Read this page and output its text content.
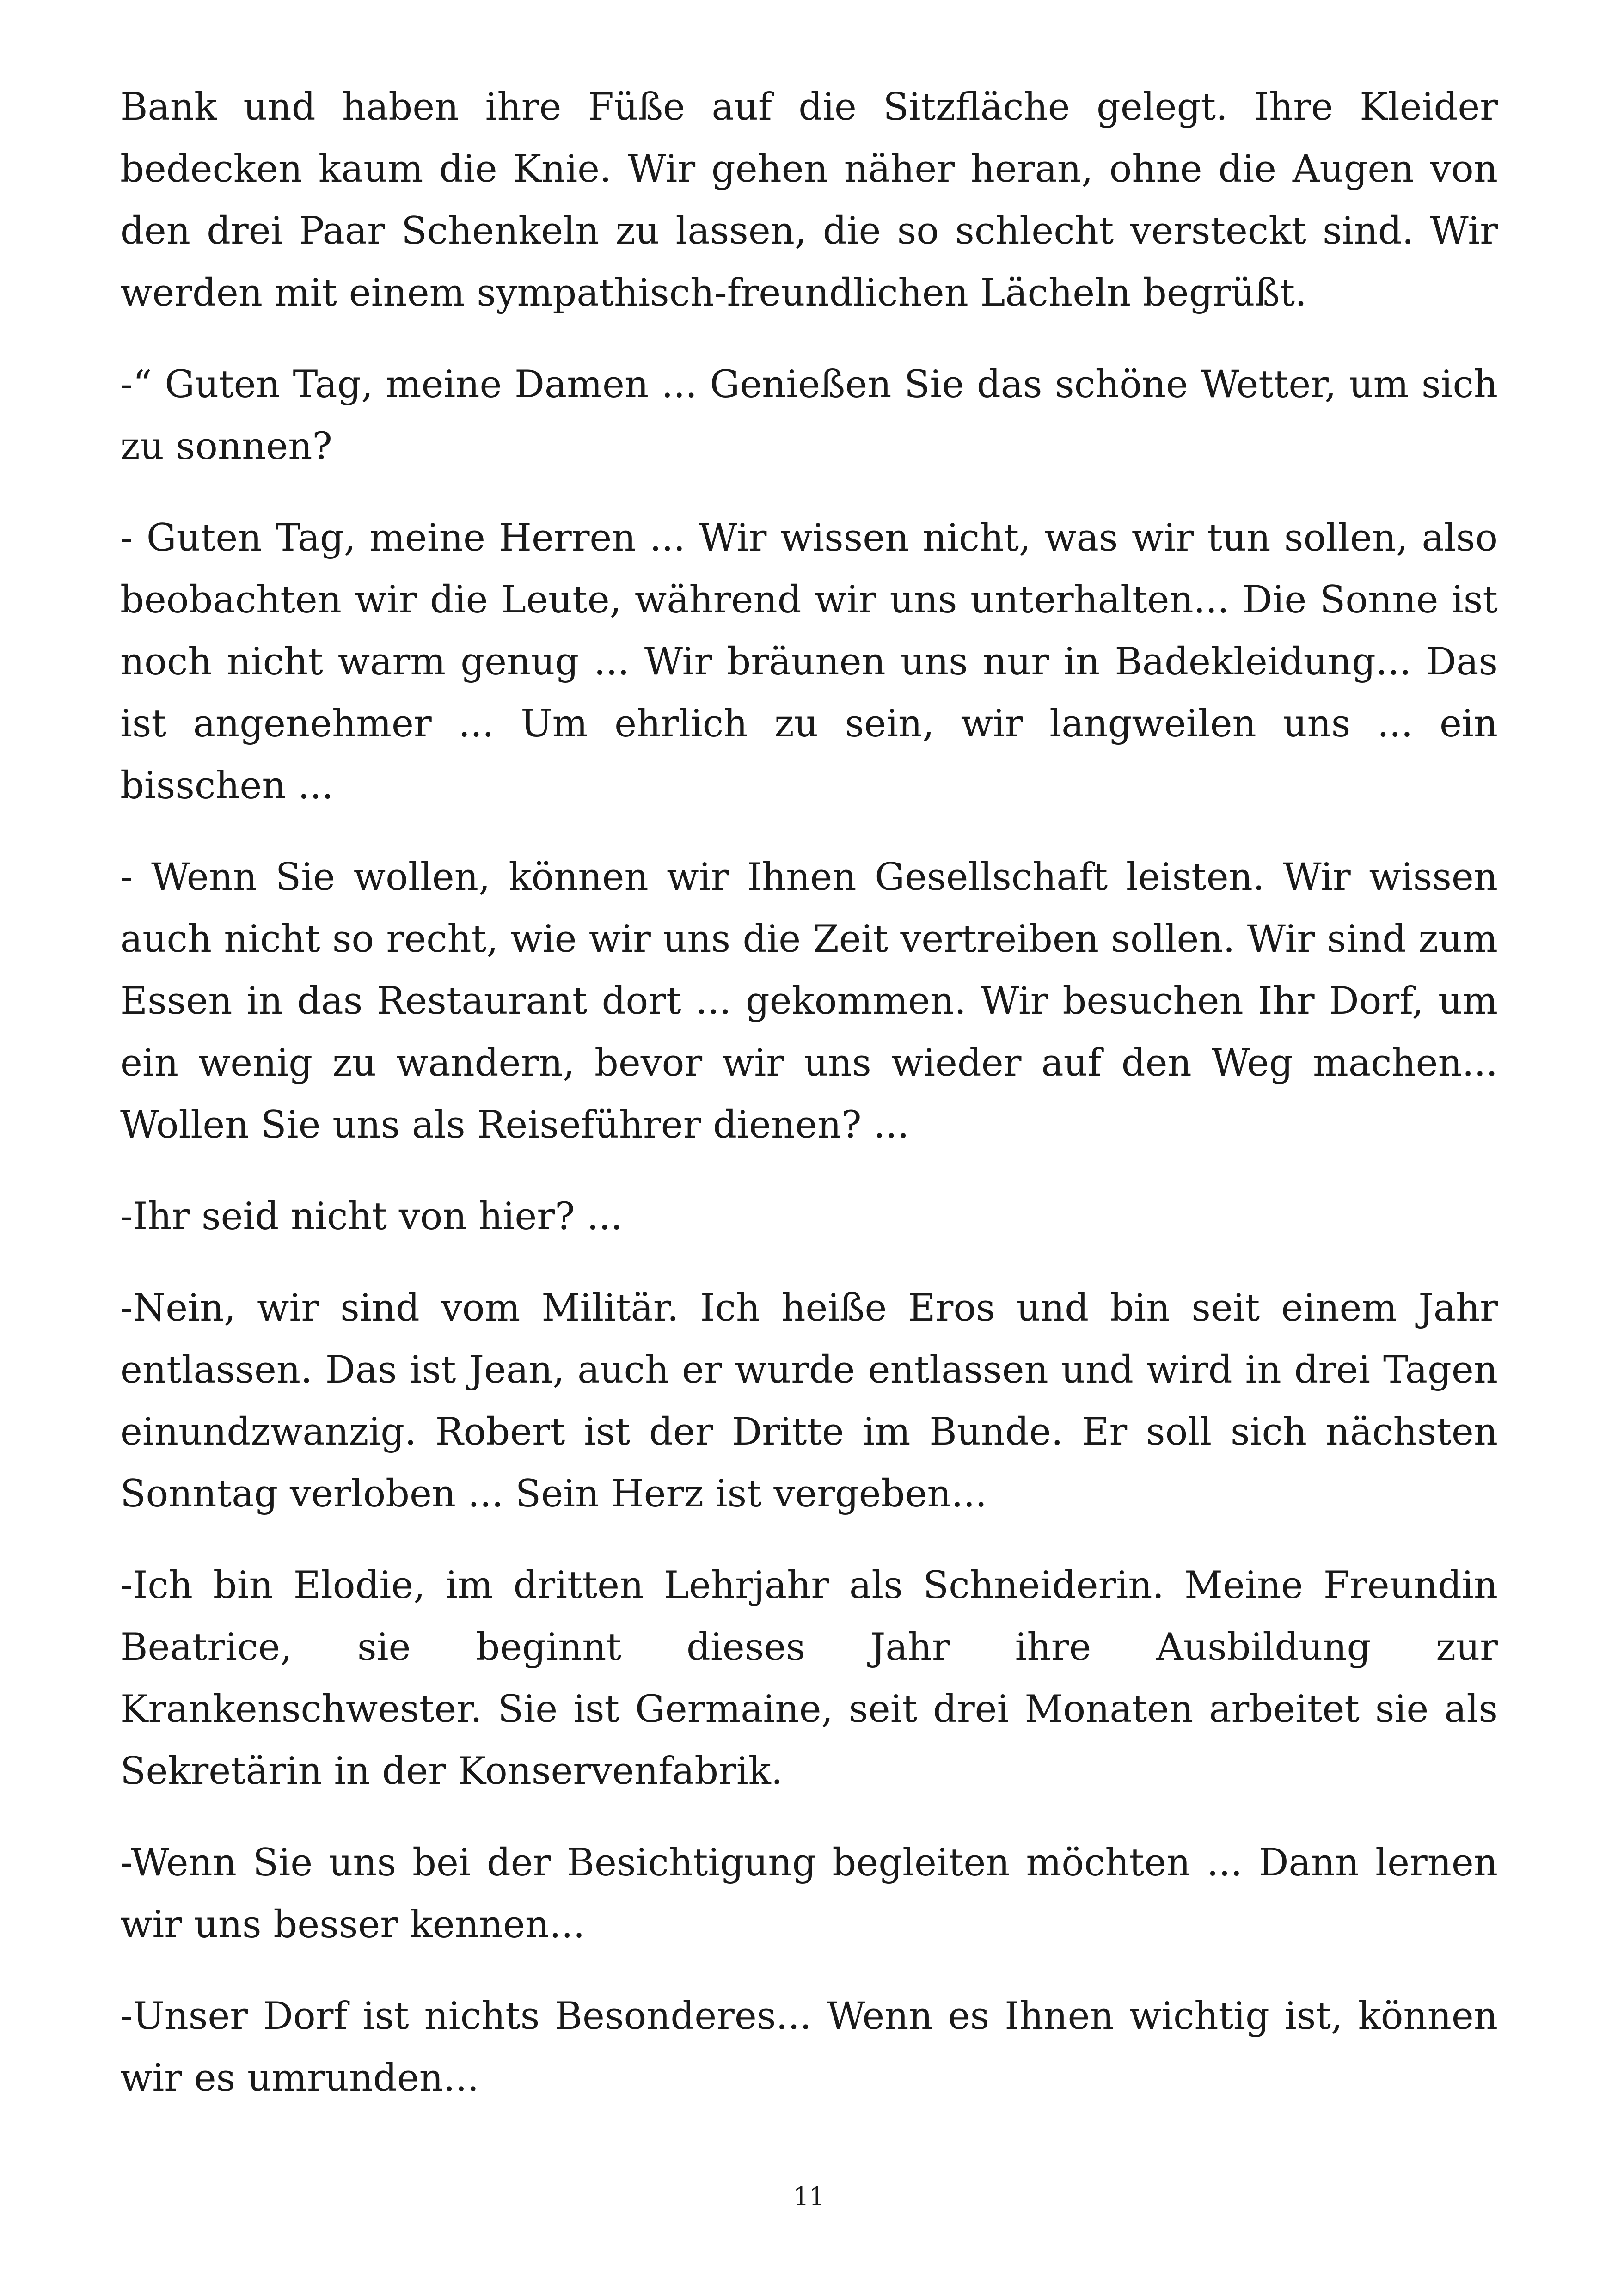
Bank und haben ihre Füße auf die Sitzfläche gelegt. Ihre Kleider bedecken kaum die Knie. Wir gehen näher heran, ohne die Augen von den drei Paar Schenkeln zu lassen, die so schlecht versteckt sind. Wir werden mit einem sympathisch-freundlichen Lächeln begrüßt.

-“ Guten Tag, meine Damen ... Genießen Sie das schöne Wetter, um sich zu sonnen?

- Guten Tag, meine Herren ... Wir wissen nicht, was wir tun sollen, also beobachten wir die Leute, während wir uns unterhalten... Die Sonne ist noch nicht warm genug ... Wir bräunen uns nur in Badekleidung... Das ist angenehmer ... Um ehrlich zu sein, wir langweilen uns ... ein bisschen ...

- Wenn Sie wollen, können wir Ihnen Gesellschaft leisten. Wir wissen auch nicht so recht, wie wir uns die Zeit vertreiben sollen. Wir sind zum Essen in das Restaurant dort ... gekommen. Wir besuchen Ihr Dorf, um ein wenig zu wandern, bevor wir uns wieder auf den Weg machen... Wollen Sie uns als Reiseführer dienen? ...

-Ihr seid nicht von hier? ...

-Nein, wir sind vom Militär. Ich heiße Eros und bin seit einem Jahr entlassen. Das ist Jean, auch er wurde entlassen und wird in drei Tagen einundzwanzig. Robert ist der Dritte im Bunde. Er soll sich nächsten Sonntag verloben ... Sein Herz ist vergeben...

-Ich bin Elodie, im dritten Lehrjahr als Schneiderin. Meine Freundin Beatrice, sie beginnt dieses Jahr ihre Ausbildung zur Krankenschwester. Sie ist Germaine, seit drei Monaten arbeitet sie als Sekretärin in der Konservenfabrik.

-Wenn Sie uns bei der Besichtigung begleiten möchten ... Dann lernen wir uns besser kennen...

-Unser Dorf ist nichts Besonderes... Wenn es Ihnen wichtig ist, können wir es umrunden...

11
